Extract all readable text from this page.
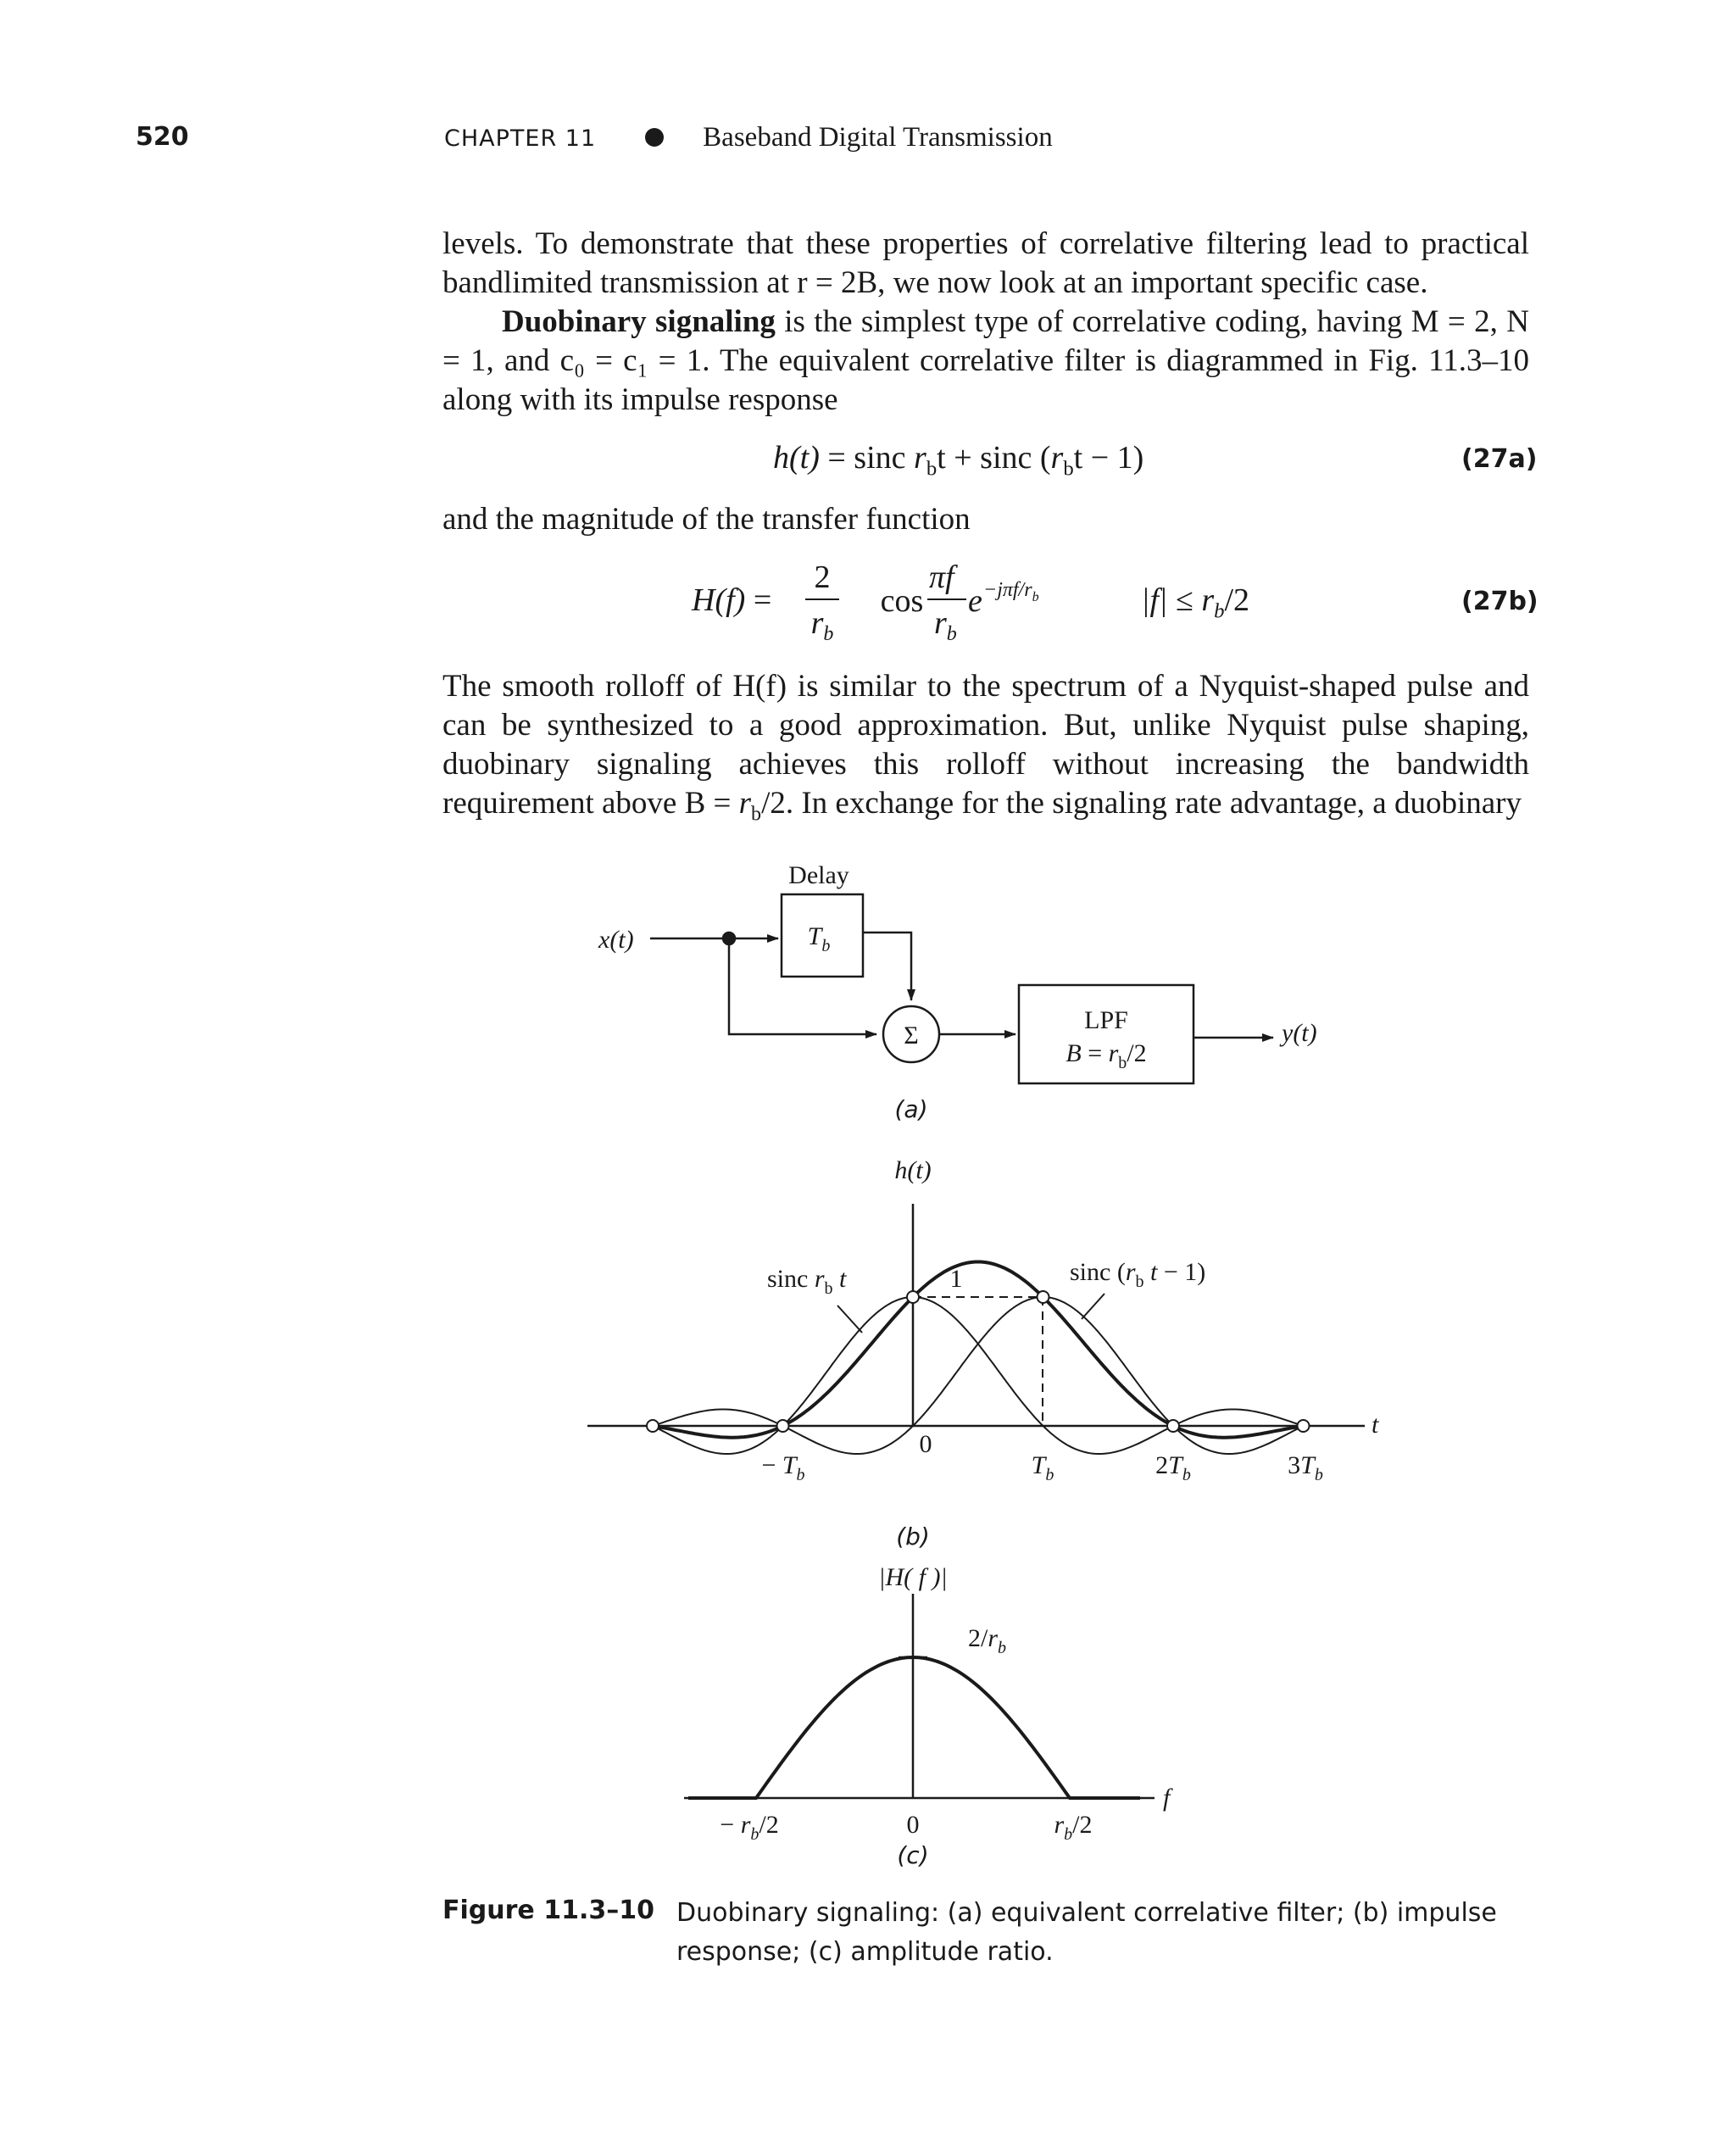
520	CHAPTER 11	Baseband Digital Transmission

levels. To demonstrate that these properties of correlative filtering lead to practical bandlimited transmission at r = 2B, we now look at an important specific case.

Duobinary signaling is the simplest type of correlative coding, having M = 2, N = 1, and c₀ = c₁ = 1. The equivalent correlative filter is diagrammed in Fig. 11.3–10 along with its impulse response

h(t) = sinc $r_bt + \sin c$ $(r_bt - 1)$	(27a)
and the magnitude of the transfer function
H(f) =
2
$r_b$
cos
πf
$r_b$
$e -j\pi f/r_b$	$|f| \le r_b/2$	(27b)
The smooth rolloff of H(f) is similar to the spectrum of a Nyquist-shaped pulse and can be synthesized to a good approximation. But, unlike Nyquist pulse shaping, duobinary signaling achieves this rolloff without increasing the bandwidth requirement above $B = r_b/2$. In exchange for the signaling rate advantage, a duobinary
Delay
$T_b$
x(t)
Σ
LPF
$B = r_b/2$
y(t)
(a)
h(t)
t
1
sinc $r_b$ t	sinc ($r_b$ t − 1)
− $T_b$
0
$T_b$	$2T_b$	$3T_b$
(b)
|H( f )|
$2/r_b$
f
− $r_b/2$	0	$r_b/2$
(c)
Figure 11.3–10 Duobinary signaling: (a) equivalent correlative filter; (b) impulse response; (c) amplitude ratio.
